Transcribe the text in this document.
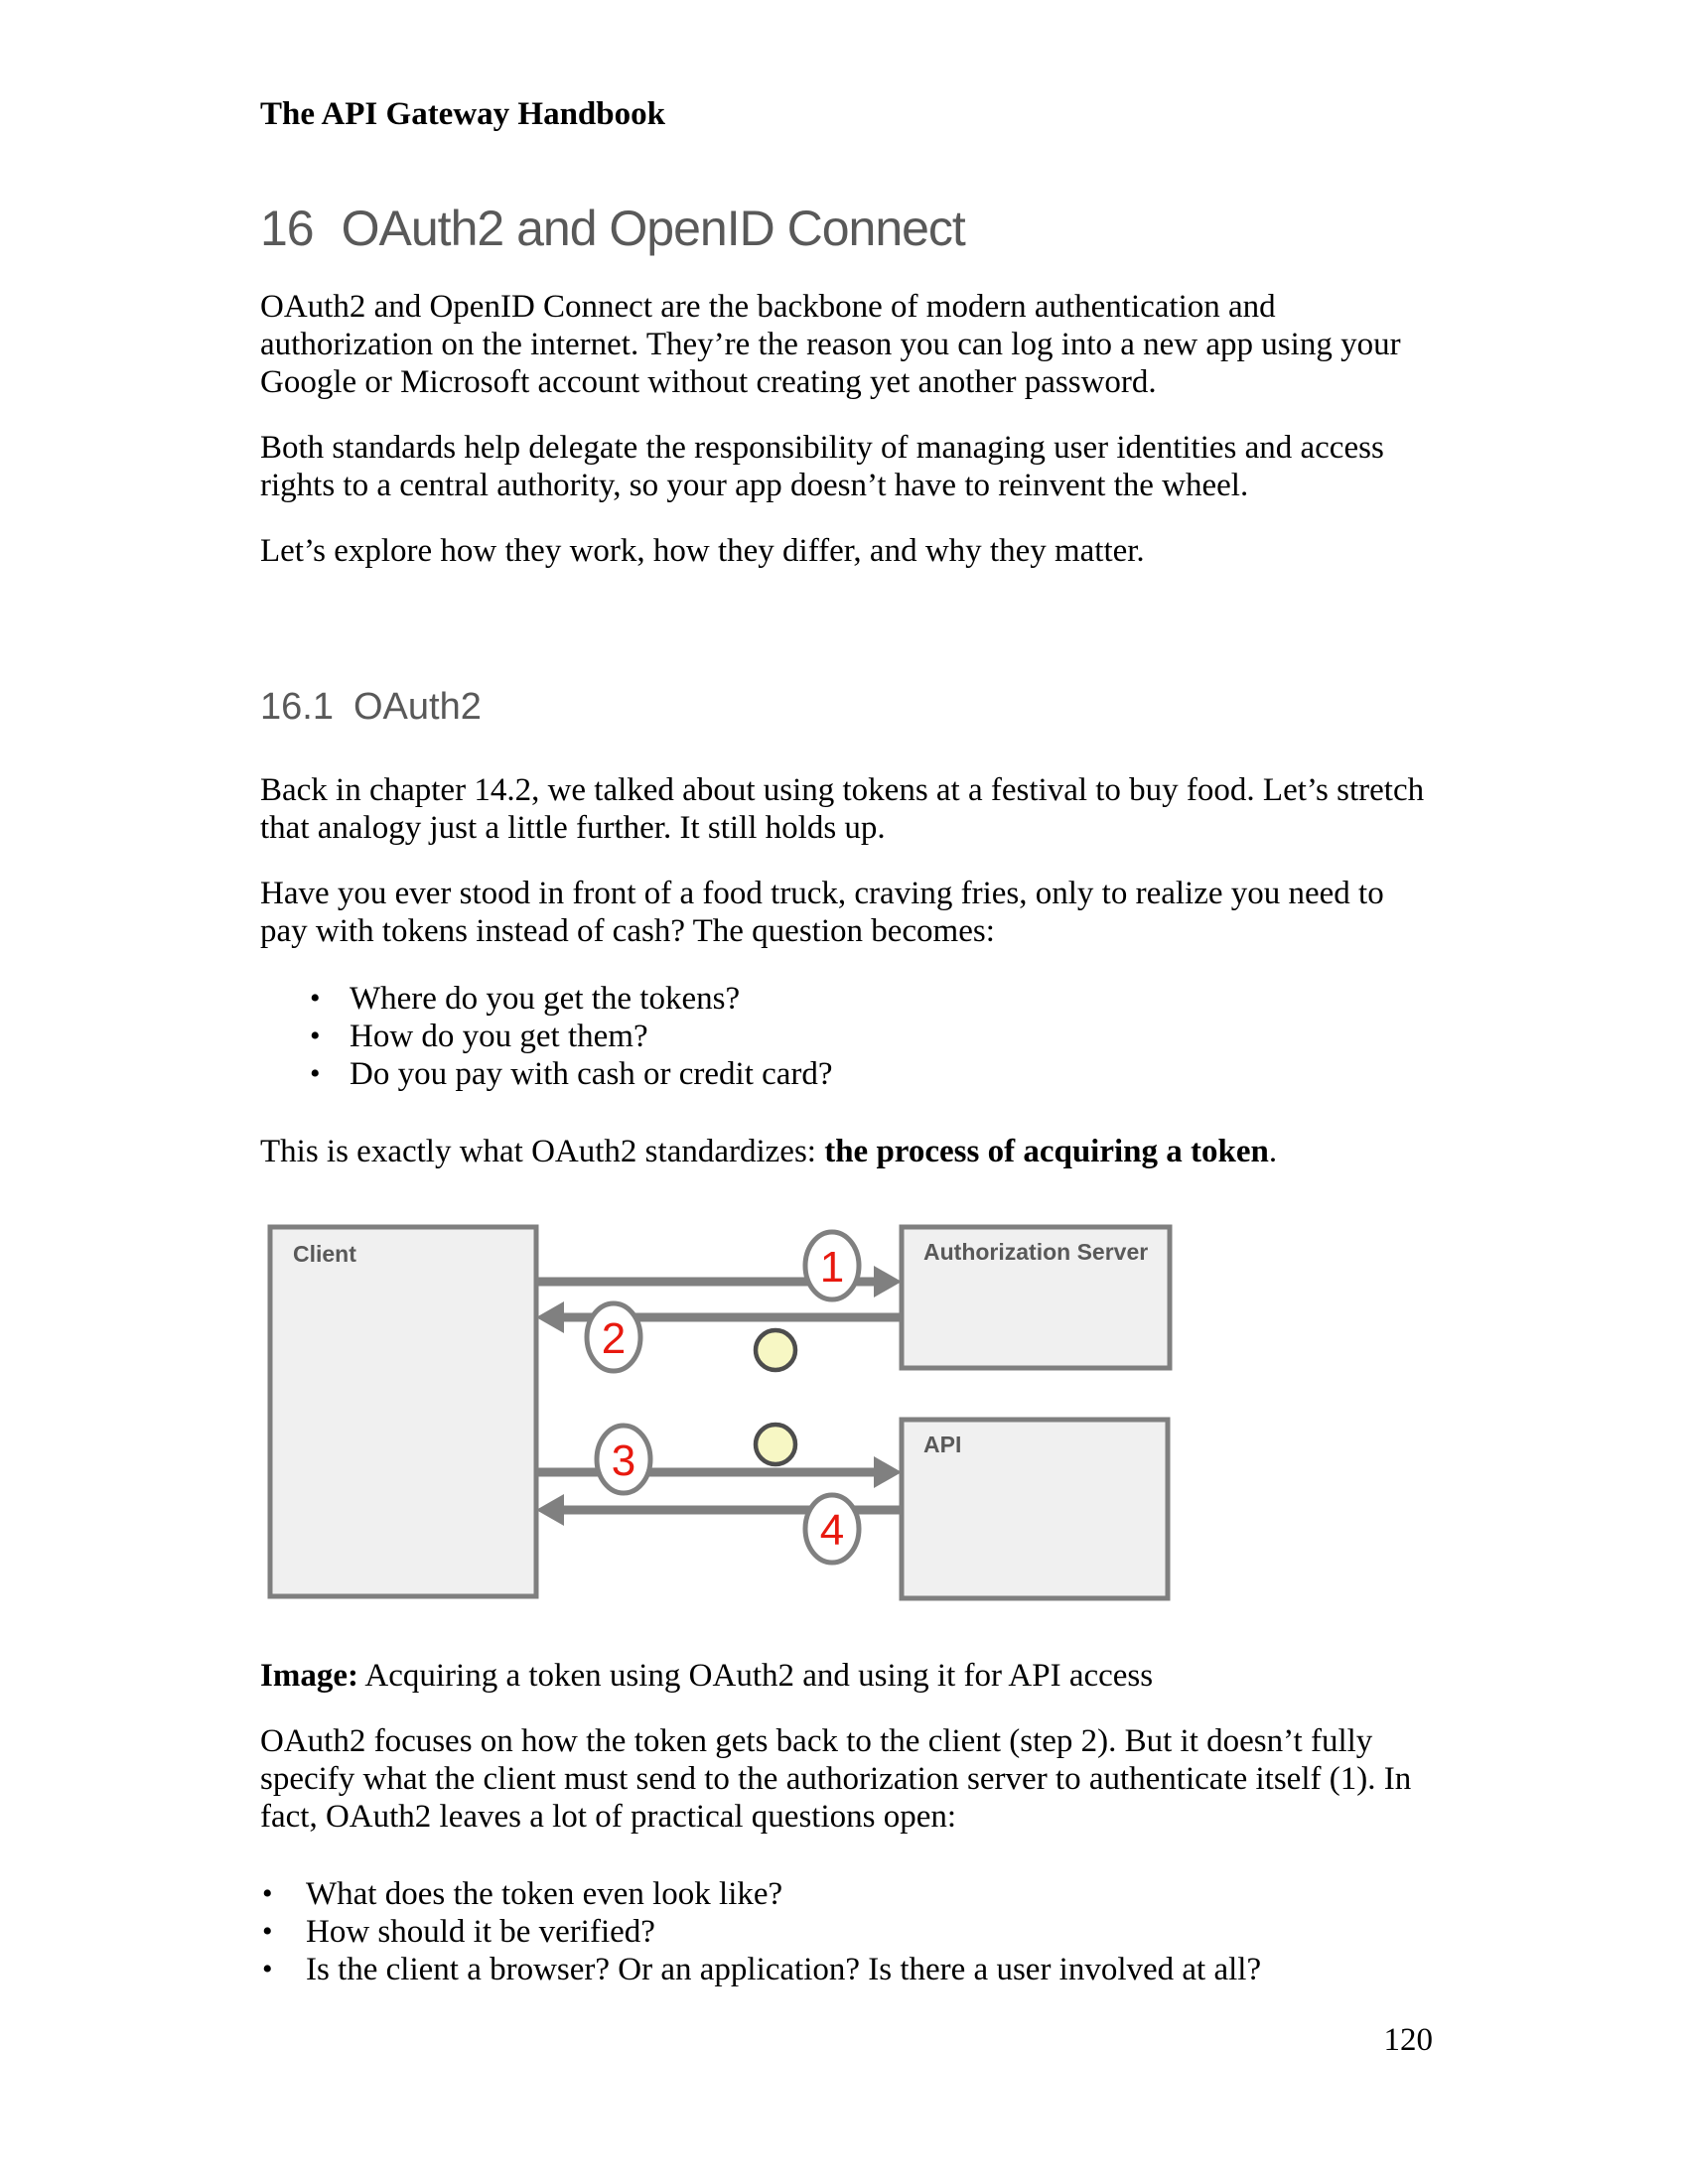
The API Gateway Handbook

16 OAuth2 and OpenID Connect

OAuth2 and OpenID Connect are the backbone of modern authentication and authorization on the internet. They’re the reason you can log into a new app using your Google or Microsoft account without creating yet another password.

Both standards help delegate the responsibility of managing user identities and access rights to a central authority, so your app doesn’t have to reinvent the wheel.

Let’s explore how they work, how they differ, and why they matter.

16.1 OAuth2

Back in chapter 14.2, we talked about using tokens at a festival to buy food. Let’s stretch that analogy just a little further. It still holds up.

Have you ever stood in front of a food truck, craving fries, only to realize you need to pay with tokens instead of cash? The question becomes:

• Where do you get the tokens?
• How do you get them?
• Do you pay with cash or credit card?

This is exactly what OAuth2 standardizes: the process of acquiring a token.

Client	Authorization Server
API
1
2
3
4

Image: Acquiring a token using OAuth2 and using it for API access

OAuth2 focuses on how the token gets back to the client (step 2). But it doesn’t fully specify what the client must send to the authorization server to authenticate itself (1). In fact, OAuth2 leaves a lot of practical questions open:

•	What does the token even look like?
•	How should it be verified?
•	Is the client a browser? Or an application? Is there a user involved at all?
120
